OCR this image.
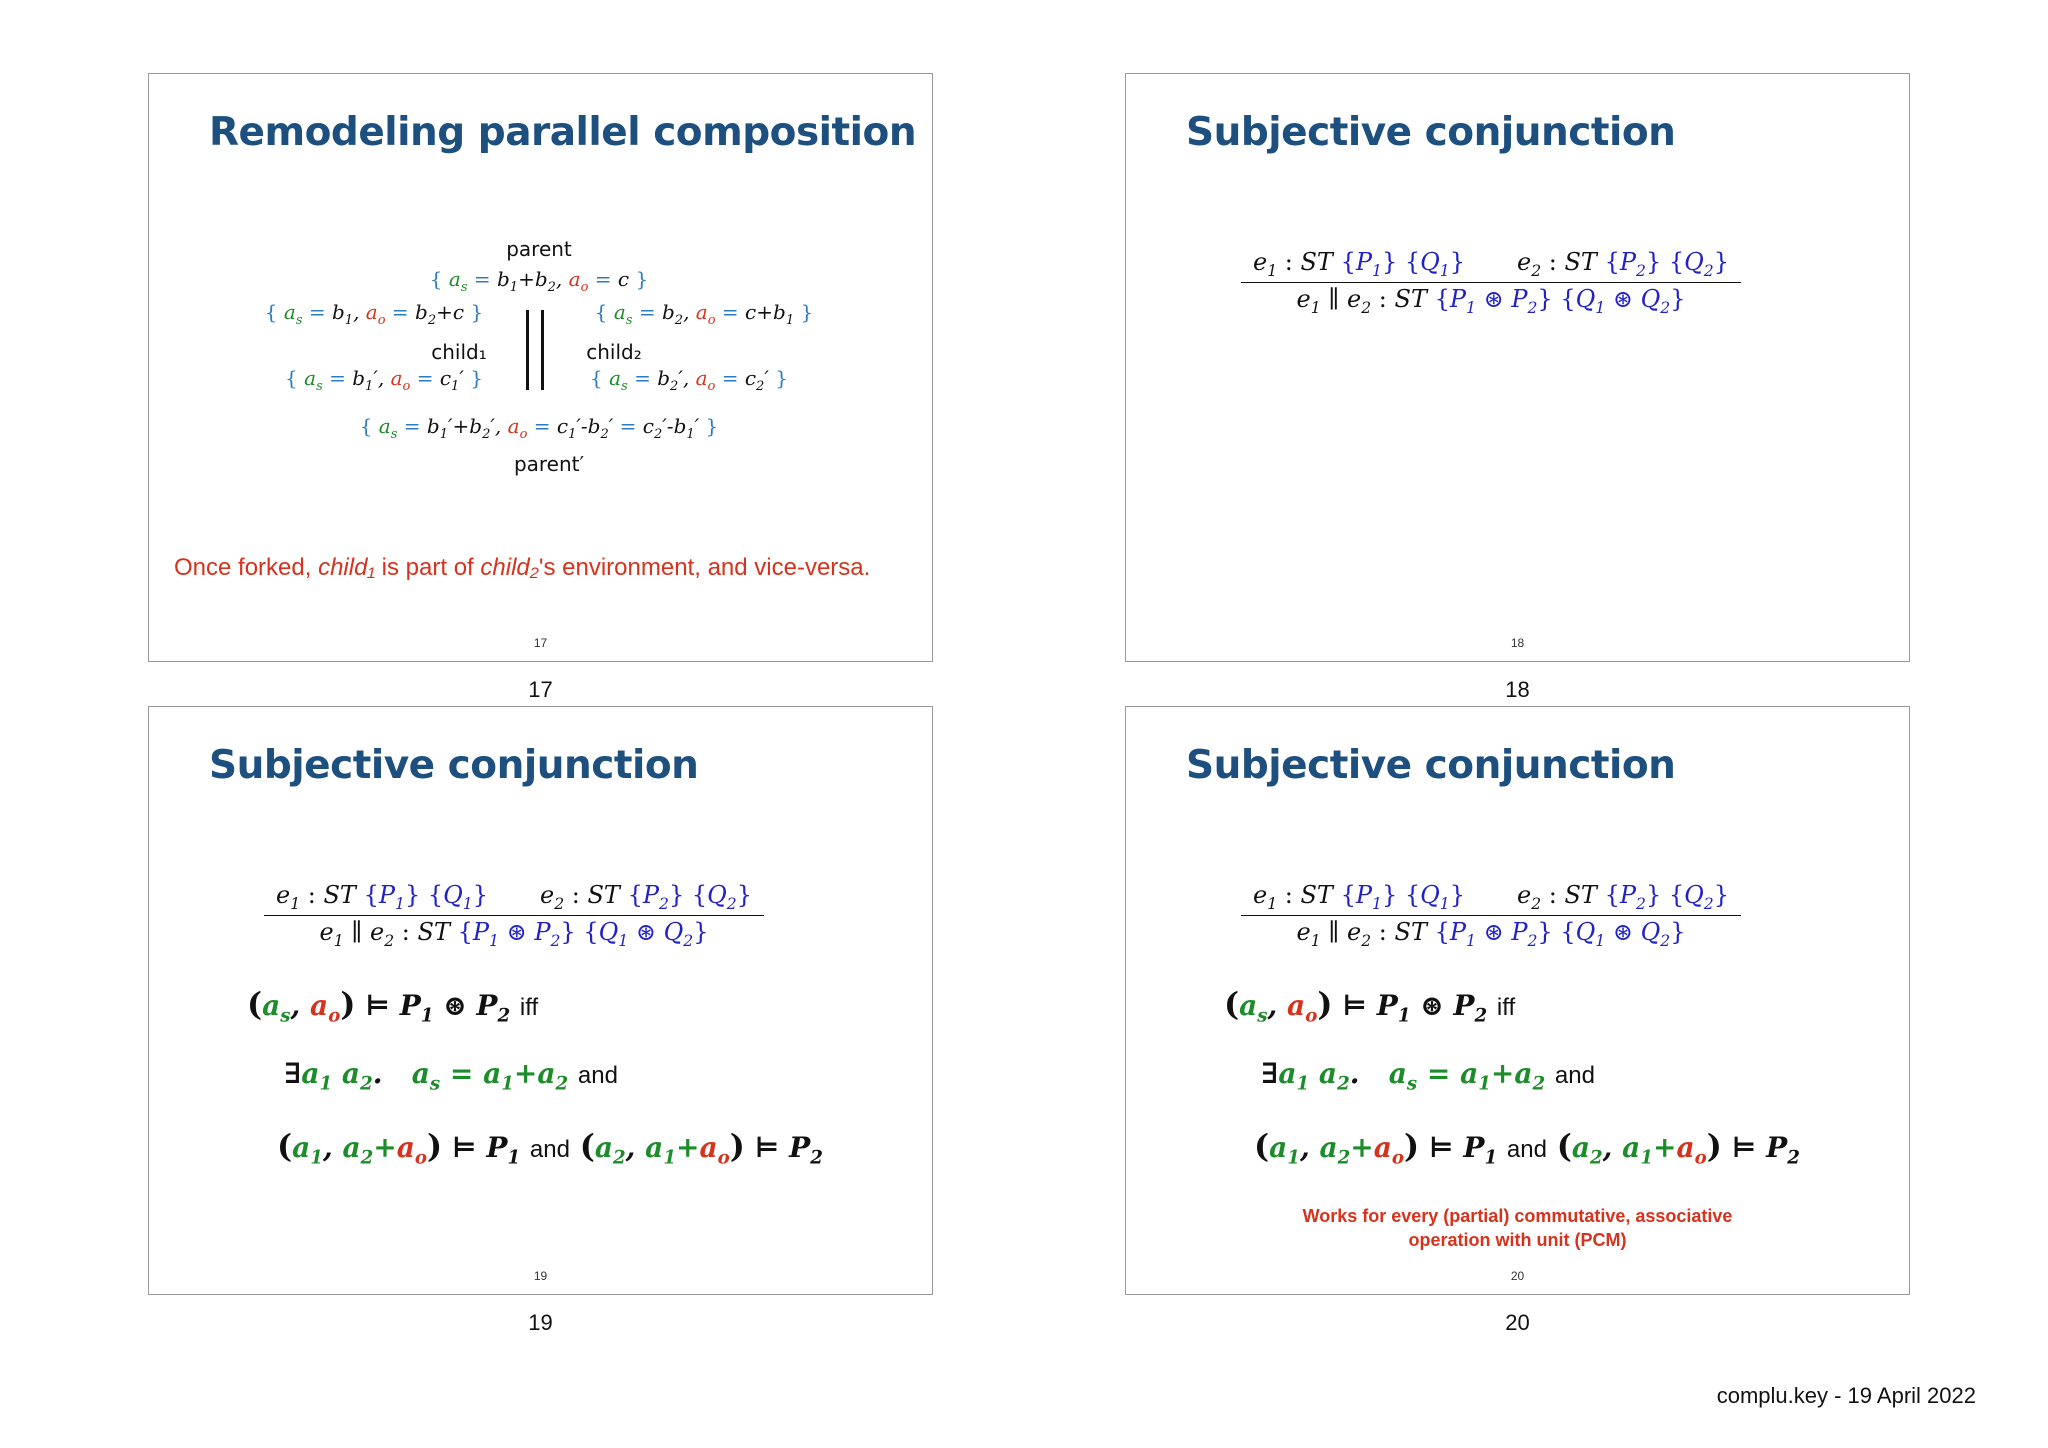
Remodeling parallel composition
parent
{ $a_s = b_1+b_2$, $a_o = c$ }
{ $a_s = b_1$, $a_o = b_2+c$ }	{ $a_s = b_2$, $a_o = c+b_1$ }
child₁	child₂
{ $a_s = b_1'$, $a_o = c_1'$ }	{ $a_s = b_2'$, $a_o = c_2'$ }
{ $a_s = b_1'+b_2'$, $a_o = c_1'-b_2' = c_2'-b_1'$ }
parent′
Once forked, child₁ is part of child₂'s environment, and vice-versa.
17
17
Subjective conjunction
$e_1$ : ST $\{P_1\}$ $\{Q_1\}$ $e_2$ : ST $\{P_2\}$ $\{Q_2\}$
$e_1$ ∥ $e_2$ : ST {$P_1$ ⊛ $P_2$} {$Q_1$ ⊛ $Q_2$}
18
18
Subjective conjunction
$e_1$ : ST $\{P_1\}$ $\{Q_1\}$ $e_2$ : ST $\{P_2\}$ $\{Q_2\}$
$e_1$ ∥ $e_2$ : ST {$P_1$ ⊛ $P_2$} {$Q_1$ ⊛ $Q_2$}
($a_s$, $a_o$) ⊨ $P_1$ ⊛ $P_2$ iff
$\exists a_1$ $a_2$.   $a_s = a_1+a_2$ and
($a_1$, $a_2+a_o$) ⊨ $P_1$ and ($a_2$, $a_1+a_o$) ⊨ $P_2$
19
19
Subjective conjunction
$e_1$ : ST $\{P_1\}$ $\{Q_1\}$ $e_2$ : ST $\{P_2\}$ $\{Q_2\}$
$e_1$ ∥ $e_2$ : ST {$P_1$ ⊛ $P_2$} {$Q_1$ ⊛ $Q_2$}
($a_s$, $a_o$) ⊨ $P_1$ ⊛ $P_2$ iff
$\exists a_1$ $a_2$.   $a_s = a_1+a_2$ and
($a_1$, $a_2+a_o$) ⊨ $P_1$ and ($a_2$, $a_1+a_o$) ⊨ $P_2$
Works for every (partial) commutative, associative
operation with unit (PCM)
20
20
complu.key - 19 April 2022
